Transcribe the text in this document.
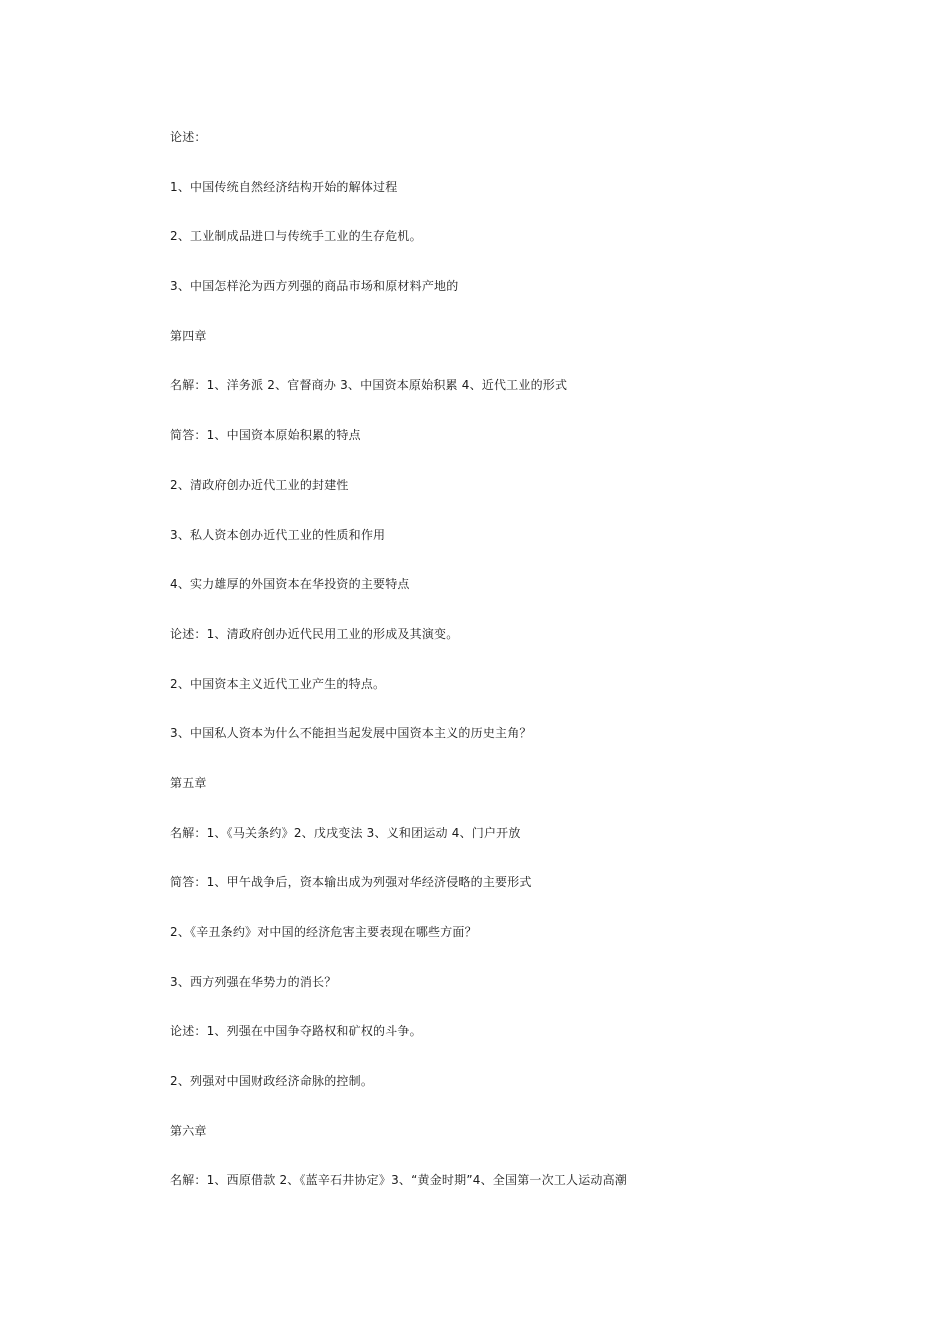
论述：
1、中国传统自然经济结构开始的解体过程
2、工业制成品进口与传统手工业的生存危机。
3、中国怎样沦为西方列强的商品市场和原材料产地的
第四章
名解：1、洋务派 2、官督商办 3、中国资本原始积累 4、近代工业的形式
简答：1、中国资本原始积累的特点
2、清政府创办近代工业的封建性
3、私人资本创办近代工业的性质和作用
4、实力雄厚的外国资本在华投资的主要特点
论述：1、清政府创办近代民用工业的形成及其演变。
2、中国资本主义近代工业产生的特点。
3、中国私人资本为什么不能担当起发展中国资本主义的历史主角？
第五章
名解：1、《马关条约》2、戊戌变法 3、义和团运动 4、门户开放
简答：1、甲午战争后，资本输出成为列强对华经济侵略的主要形式
2、《辛丑条约》对中国的经济危害主要表现在哪些方面？
3、西方列强在华势力的消长？
论述：1、列强在中国争夺路权和矿权的斗争。
2、列强对中国财政经济命脉的控制。
第六章
名解：1、西原借款 2、《蓝辛石井协定》3、“黄金时期”4、全国第一次工人运动高潮
